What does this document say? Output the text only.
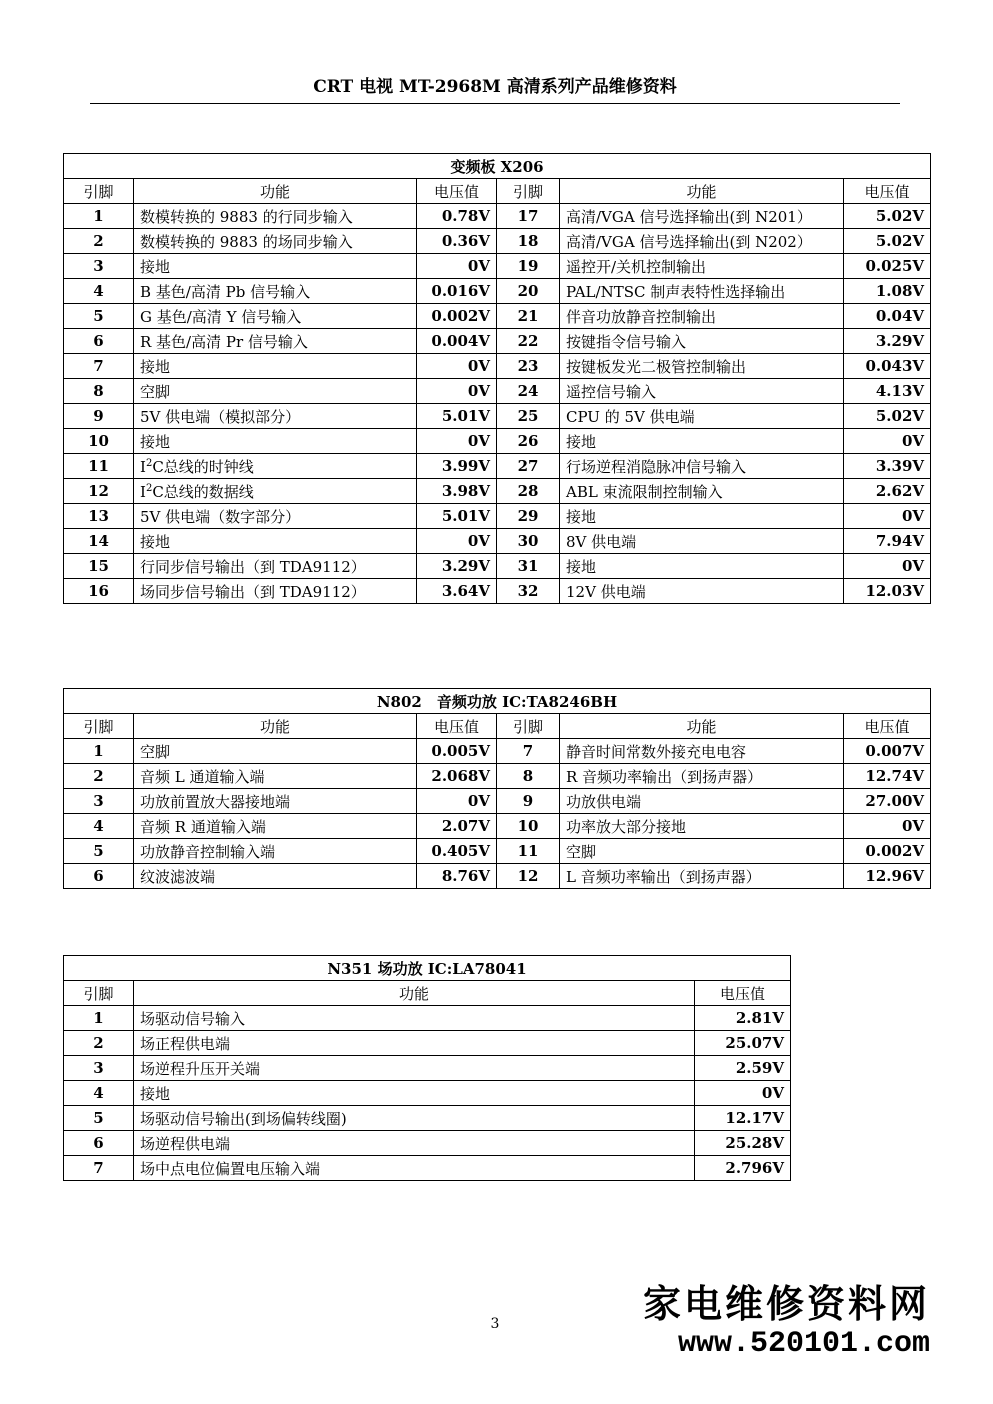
CRT 电视 MT-2968M 高清系列产品维修资料
变频板 X206					
引脚	功能	电压值	引脚	功能	电压值
1	数模转换的 9883 的行同步输入	0.78V	17	高清/VGA 信号选择输出(到 N201）	5.02V
2	数模转换的 9883 的场同步输入	0.36V	18	高清/VGA 信号选择输出(到 N202）	5.02V
3	接地	0V	19	遥控开/关机控制输出	0.025V
4	B 基色/高清 Pb 信号输入	0.016V	20	PAL/NTSC 制声表特性选择输出	1.08V
5	G 基色/高清 Y 信号输入	0.002V	21	伴音功放静音控制输出	0.04V
6	R 基色/高清 Pr 信号输入	0.004V	22	按键指令信号输入	3.29V
7	接地	0V	23	按键板发光二极管控制输出	0.043V
8	空脚	0V	24	遥控信号输入	4.13V
9	5V 供电端（模拟部分）	5.01V	25	CPU 的 5V 供电端	5.02V
10	接地	0V	26	接地	0V
11	$I^2C$总线的时钟线	3.99V	27	行场逆程消隐脉冲信号输入	3.39V
12	$I^2C$总线的数据线	3.98V	28	ABL 束流限制控制输入	2.62V
13	5V 供电端（数字部分）	5.01V	29	接地	0V
14	接地	0V	30	8V 供电端	7.94V
15	行同步信号输出（到 TDA9112）	3.29V	31	接地	0V
16	场同步信号输出（到 TDA9112）	3.64V	32	12V 供电端	12.03V
N802　音频功放 IC:TA8246BH					
引脚	功能	电压值	引脚	功能	电压值
1	空脚	0.005V	7	静音时间常数外接充电电容	0.007V
2	音频 L 通道输入端	2.068V	8	R 音频功率输出（到扬声器）	12.74V
3	功放前置放大器接地端	0V	9	功放供电端	27.00V
4	音频 R 通道输入端	2.07V	10	功率放大部分接地	0V
5	功放静音控制输入端	0.405V	11	空脚	0.002V
6	纹波滤波端	8.76V	12	L 音频功率输出（到扬声器）	12.96V
N351 场功放 IC:LA78041		
引脚	功能	电压值
1	场驱动信号输入	2.81V
2	场正程供电端	25.07V
3	场逆程升压开关端	2.59V
4	接地	0V
5	场驱动信号输出(到场偏转线圈)	12.17V
6	场逆程供电端	25.28V
7	场中点电位偏置电压输入端	2.796V
3	家电维修资料网
www.520101.com
